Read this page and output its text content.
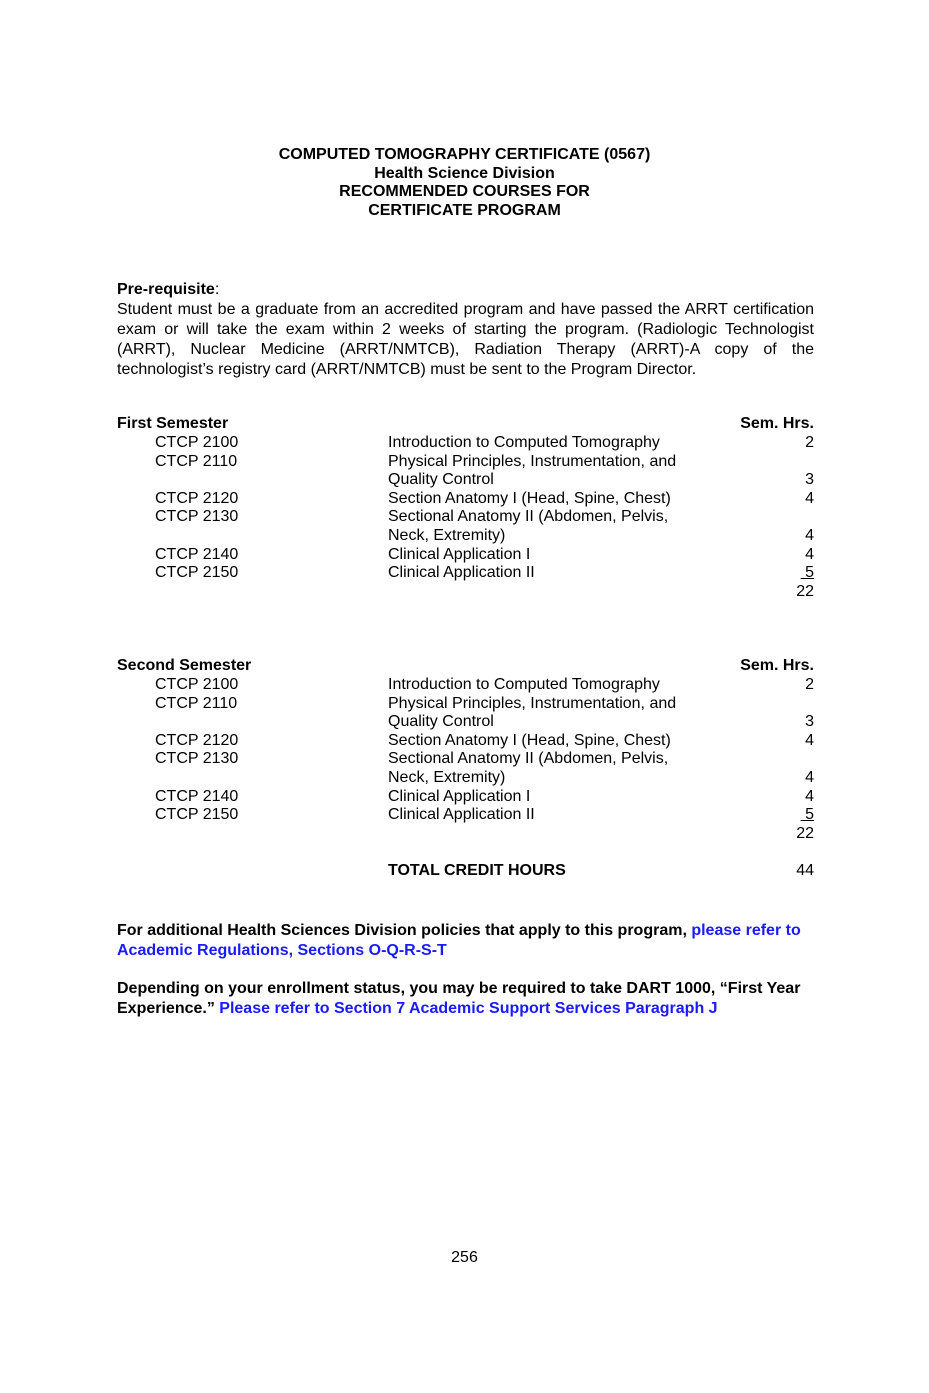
COMPUTED TOMOGRAPHY CERTIFICATE (0567)
Health Science Division
RECOMMENDED COURSES FOR
CERTIFICATE PROGRAM
Pre-requisite:
Student must be a graduate from an accredited program and have passed the ARRT certification exam or will take the exam within 2 weeks of starting the program. (Radiologic Technologist (ARRT), Nuclear Medicine (ARRT/NMTCB), Radiation Therapy (ARRT)-A copy of the technologist’s registry card (ARRT/NMTCB) must be sent to the Program Director.
First Semester	Sem. Hrs.
CTCP 2100	Introduction to Computed Tomography	2
CTCP 2110	Physical Principles, Instrumentation, and
Quality Control	3
CTCP 2120	Section Anatomy I (Head, Spine, Chest)	4
CTCP 2130	Sectional Anatomy II (Abdomen, Pelvis,
Neck, Extremity)	4
CTCP 2140	Clinical Application I	4
CTCP 2150	Clinical Application II	5
22
Second Semester	Sem. Hrs.
CTCP 2100	Introduction to Computed Tomography	2
CTCP 2110	Physical Principles, Instrumentation, and
Quality Control	3
CTCP 2120	Section Anatomy I (Head, Spine, Chest)	4
CTCP 2130	Sectional Anatomy II (Abdomen, Pelvis,
Neck, Extremity)	4
CTCP 2140	Clinical Application I	4
CTCP 2150	Clinical Application II	5
22
TOTAL CREDIT HOURS	44
For additional Health Sciences Division policies that apply to this program, please refer to Academic Regulations, Sections O-Q-R-S-T
Depending on your enrollment status, you may be required to take DART 1000, “First Year Experience.” Please refer to Section 7 Academic Support Services Paragraph J
256
